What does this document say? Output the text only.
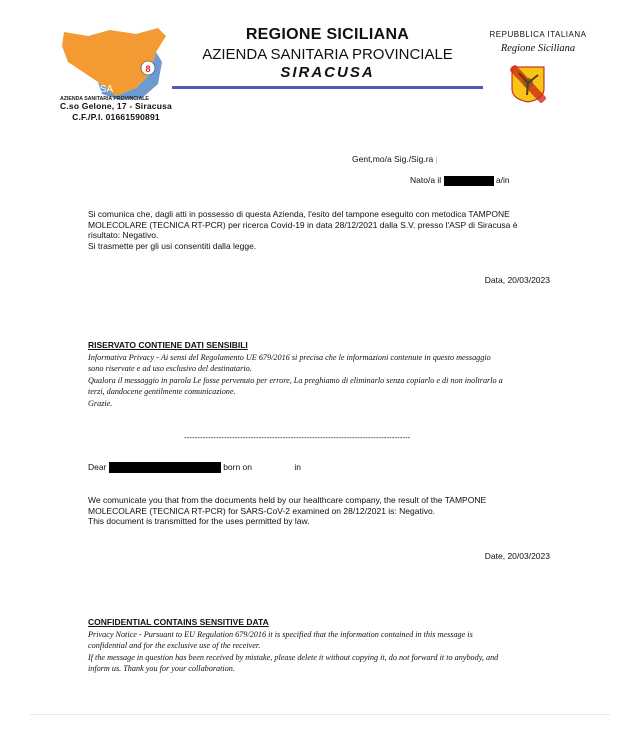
8
ASP
SIRACUSA
AZIENDA SANITARIA PROVINCIALE
C.so Gelone, 17 - Siracusa
C.F./P.I. 01661590891
REGIONE SICILIANA
AZIENDA SANITARIA PROVINCIALE
SIRACUSA
REPUBBLICA ITALIANA
Regione Siciliana
Gent,mo/a Sig./Sig.ra
Nato/a il	a/in
Si comunica che, dagli atti in possesso di questa Azienda, l'esito del tampone eseguito con metodica TAMPONE
MOLECOLARE (TECNICA RT-PCR) per ricerca Covid-19 in data 28/12/2021 dalla S.V. presso l'ASP di Siracusa è
risultato: Negativo.
Si trasmette per gli usi consentiti dalla legge.
Data, 20/03/2023
RISERVATO CONTIENE DATI SENSIBILI
Informativa Privacy - Ai sensi del Regolamento UE 679/2016 si precisa che le informazioni contenute in questo messaggio
sono riservate e ad uso esclusivo del destinatario.
Qualora il messaggio in parola Le fosse pervenuto per errore, La preghiamo di eliminarlo senza copiarlo e di non inoltrarlo a
terzi, dandocene gentilmente comunicazione.
Grazie.
-------------------------------------------------------------------------------------
Dear	born on	in
We comunicate you that from the documents held by our healthcare company, the result of the TAMPONE
MOLECOLARE (TECNICA RT-PCR) for SARS-CoV-2 examined on 28/12/2021 is: Negativo.
This document is transmitted for the uses permitted by law.
Date, 20/03/2023
CONFIDENTIAL CONTAINS SENSITIVE DATA
Privacy Notice - Pursuant to EU Regulation 679/2016 it is specified that the information contained in this message is
confidential and for the exclusive use of the receiver.
If the message in question has been received by mistake, please delete it without copying it, do not forward it to anybody, and
inform us. Thank you for your collaboration.
